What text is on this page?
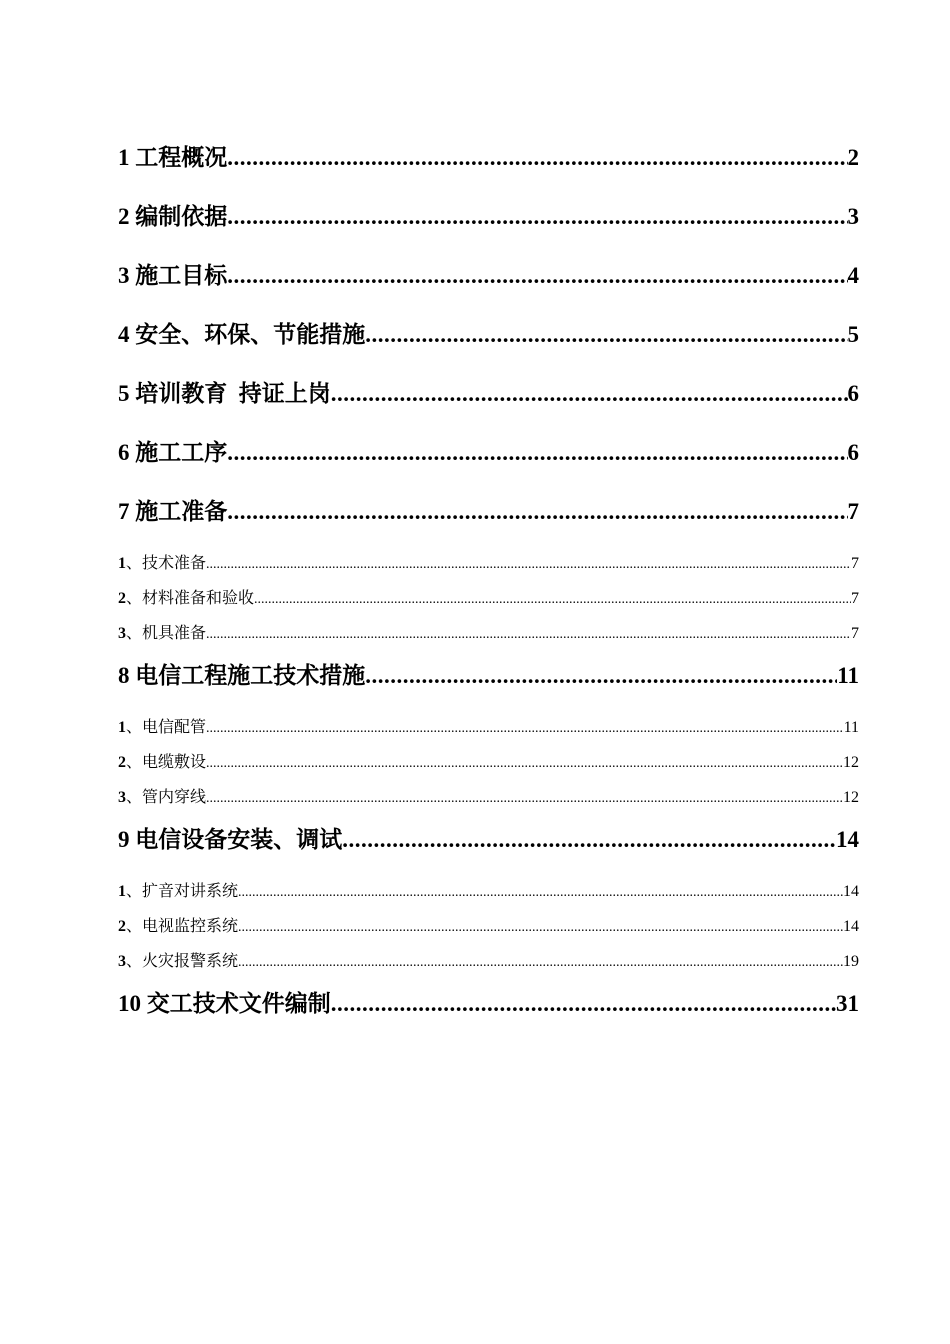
1 工程概况 .....	2
2 编制依据 .....	3
3 施工目标 .....	4
4 安全、环保、节能措施 .....	5
5 培训教育  持证上岗 .....	6
6 施工工序 .....	6
7 施工准备 .....	7
1、技术准备 .....	7
2、材料准备和验收 .....	7
3、机具准备 .....	7
8 电信工程施工技术措施 .....	11
1、电信配管 .....	11
2、电缆敷设 .....	12
3、管内穿线 .....	12
9 电信设备安装、调试 .....	14
1、扩音对讲系统 .....	14
2、电视监控系统 .....	14
3、火灾报警系统 .....	19
10 交工技术文件编制 .....	31
